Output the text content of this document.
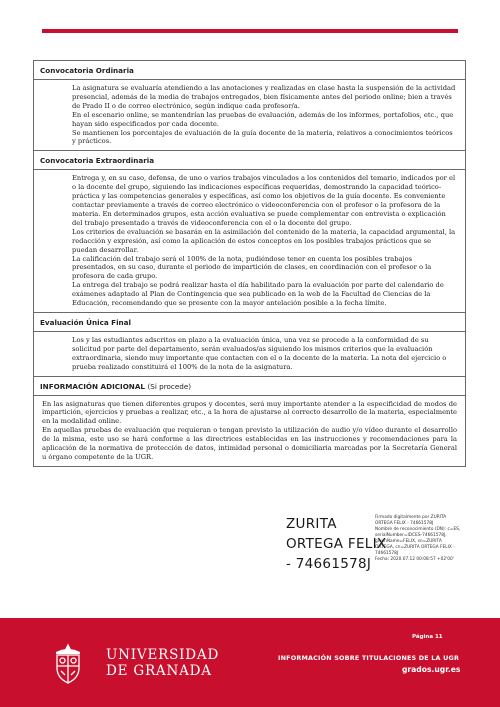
Convocatoria Ordinaria

La asignatura se evaluaría atendiendo a las anotaciones y realizadas en clase hasta la suspensión de la actividad presencial, además de la media de trabajos entregados, bien físicamente antes del periodo online; bien a través de Prado II o de correo electrónico, según indique cada profesor/a.

En el escenario online, se mantendrían las pruebas de evaluación, además de los informes, portafolios, etc., que hayan sido especificados por cada docente.

Se mantienen los porcentajes de evaluación de la guía docente de la materia, relativos a conocimientos teóricos y prácticos.

Convocatoria Extraordinaria

Entrega y, en su caso, defensa, de uno o varios trabajos vinculados a los contenidos del temario, indicados por el o la docente del grupo, siguiendo las indicaciones específicas requeridas, demostrando la capacidad teórico-práctica y las competencias generales y específicas, así como los objetivos de la guía docente. Es conveniente contactar previamente a través de correo electrónico o videoconferencia con el profesor o la profesora de la materia. En determinados grupos, esta acción evaluativa se puede complementar con entrevista o explicación del trabajo presentado a través de videoconferencia con el o la docente del grupo.

Los criterios de evaluación se basarán en la asimilación del contenido de la materia, la capacidad argumental, la redacción y expresión, así como la aplicación de estos conceptos en los posibles trabajos prácticos que se puedan desarrollar.

La calificación del trabajo será el 100% de la nota, pudiéndose tener en cuenta los posibles trabajos presentados, en su caso, durante el periodo de impartición de clases, en coordinación con el profesor o la profesora de cada grupo.

La entrega del trabajo se podrá realizar hasta el día habilitado para la evaluación por parte del calendario de exámenes adaptado al Plan de Contingencia que sea publicado en la web de la Facultad de Ciencias de la Educación, recomendando que se presente con la mayor antelación posible a la fecha límite.

Evaluación Única Final

Los y las estudiantes adscritos en plazo a la evaluación única, una vez se procede a la conformidad de su solicitud por parte del departamento, serán evaluados/as siguiendo los mismos criterios que la evaluación extraordinaria, siendo muy importante que contacten con el o la docente de la materia. La nota del ejercicio o prueba realizado constituirá el 100% de la nota de la asignatura.

INFORMACIÓN ADICIONAL (Si procede)

En las asignaturas que tienen diferentes grupos y docentes, será muy importante atender a la especificidad de modos de impartición, ejercicios y pruebas a realizar, etc., a la hora de ajustarse al correcto desarrollo de la materia, especialmente en la modalidad online.

En aquellas pruebas de evaluación que requieran o tengan previsto la utilización de audio y/o vídeo durante el desarrollo de la misma, este uso se hará conforme a las directrices establecidas en las instrucciones y recomendaciones para la aplicación de la normativa de protección de datos, intimidad personal o domiciliaria marcadas por la Secretaría General u órgano competente de la UGR.

ZURITA
ORTEGA FELIX
- 74661578J
Firmado digitalmente por ZURITA
ORTEGA FELIX - 74661578J
Nombre de reconocimiento (DN): c=ES,
serialNumber=IDCES-74661578J,
givenName=FELIX, sn=ZURITA
ORTEGA, cn=ZURITA ORTEGA FELIX -
74661578J
Fecha: 2020.07.12 00:08:57 +02'00'
UNIVERSIDAD
DE GRANADA
Página 11
INFORMACIÓN SOBRE TITULACIONES DE LA UGR
grados.ugr.es
